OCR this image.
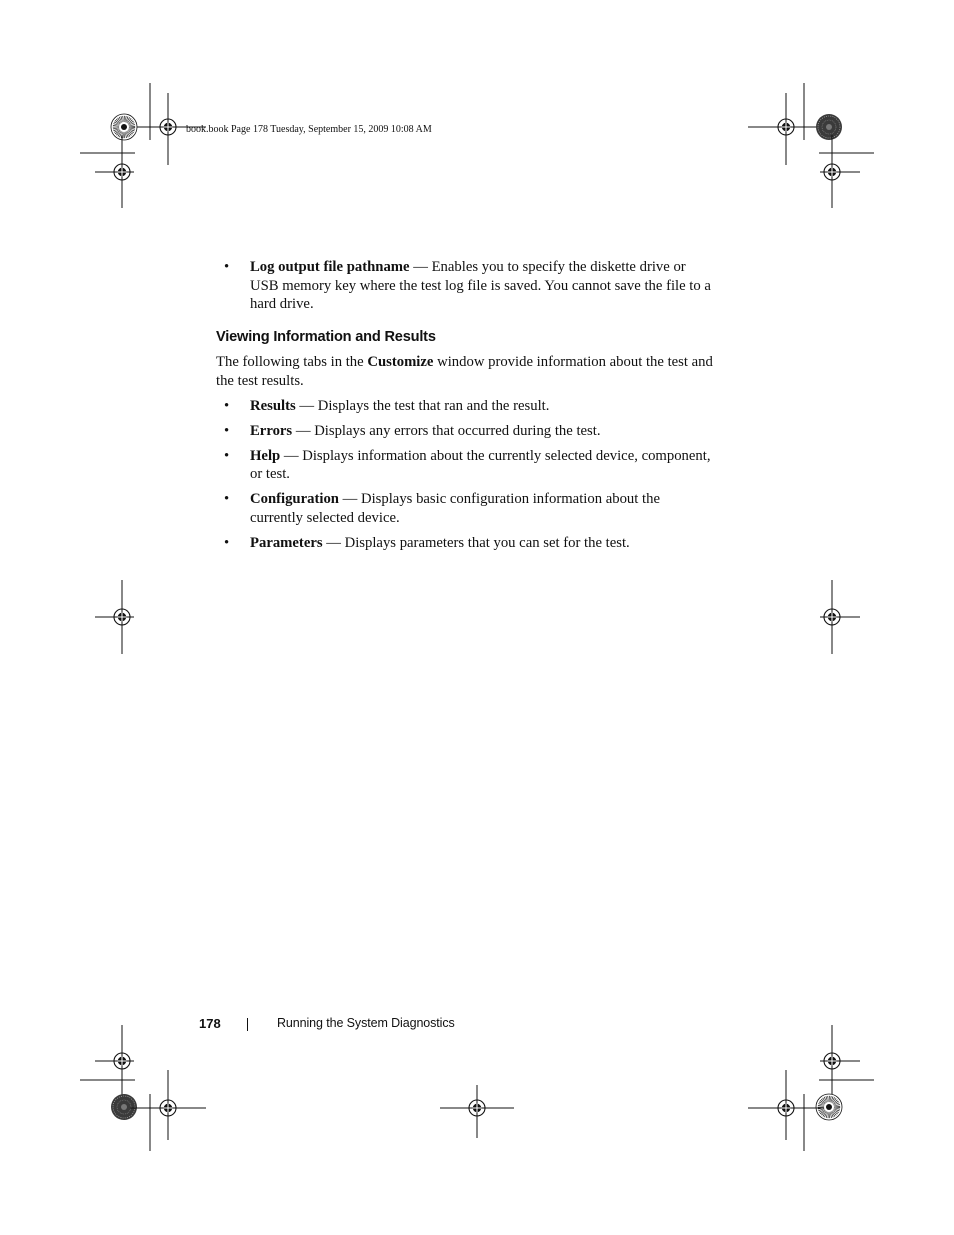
book.book Page 178 Tuesday, September 15, 2009 10:08 AM
• Log output file pathname — Enables you to specify the diskette drive or USB memory key where the test log file is saved. You cannot save the file to a hard drive.
Viewing Information and Results

The following tabs in the Customize window provide information about the test and the test results.

• Results — Displays the test that ran and the result.
• Errors — Displays any errors that occurred during the test.
• Help — Displays information about the currently selected device, component, or test.
• Configuration — Displays basic configuration information about the currently selected device.
• Parameters — Displays parameters that you can set for the test.
178	Running the System Diagnostics
